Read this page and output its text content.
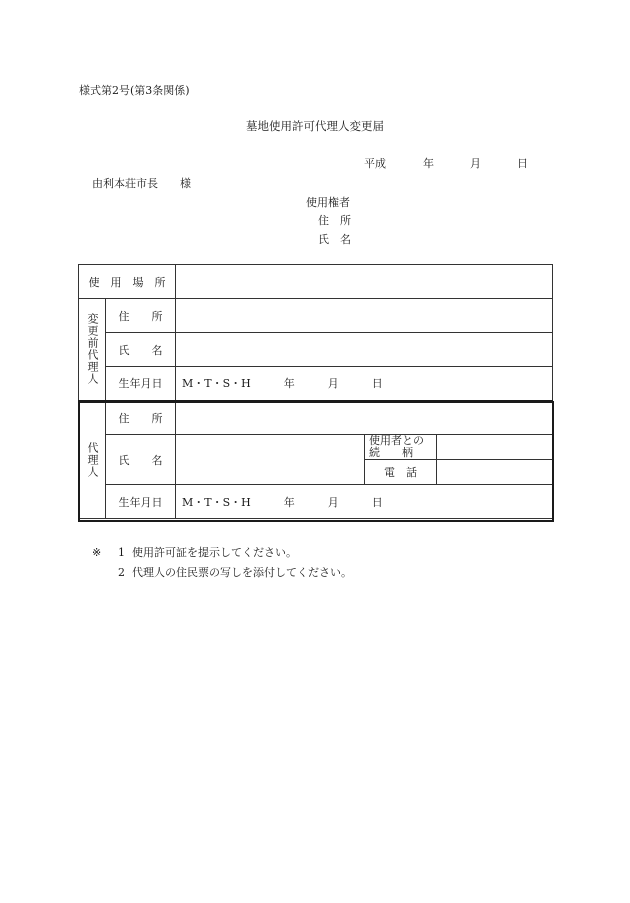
様式第2号(第3条関係)
墓地使用許可代理人変更届
平成	年	月	日
由利本荘市長　　様
使用権者
住　所
氏　名
使　用　場　所				

変更前代理人	住　　所			
	氏　　名			
	生年月日	M・T・S・H　　　年　　　月　　　日		

代理人	住　　所			
	氏　　名		使用者との
続　　柄	

			電　話	
	生年月日	M・T・S・H　　　年　　　月　　　日		
※ 1 使用許可証を提示してください。
2 代理人の住民票の写しを添付してください。
